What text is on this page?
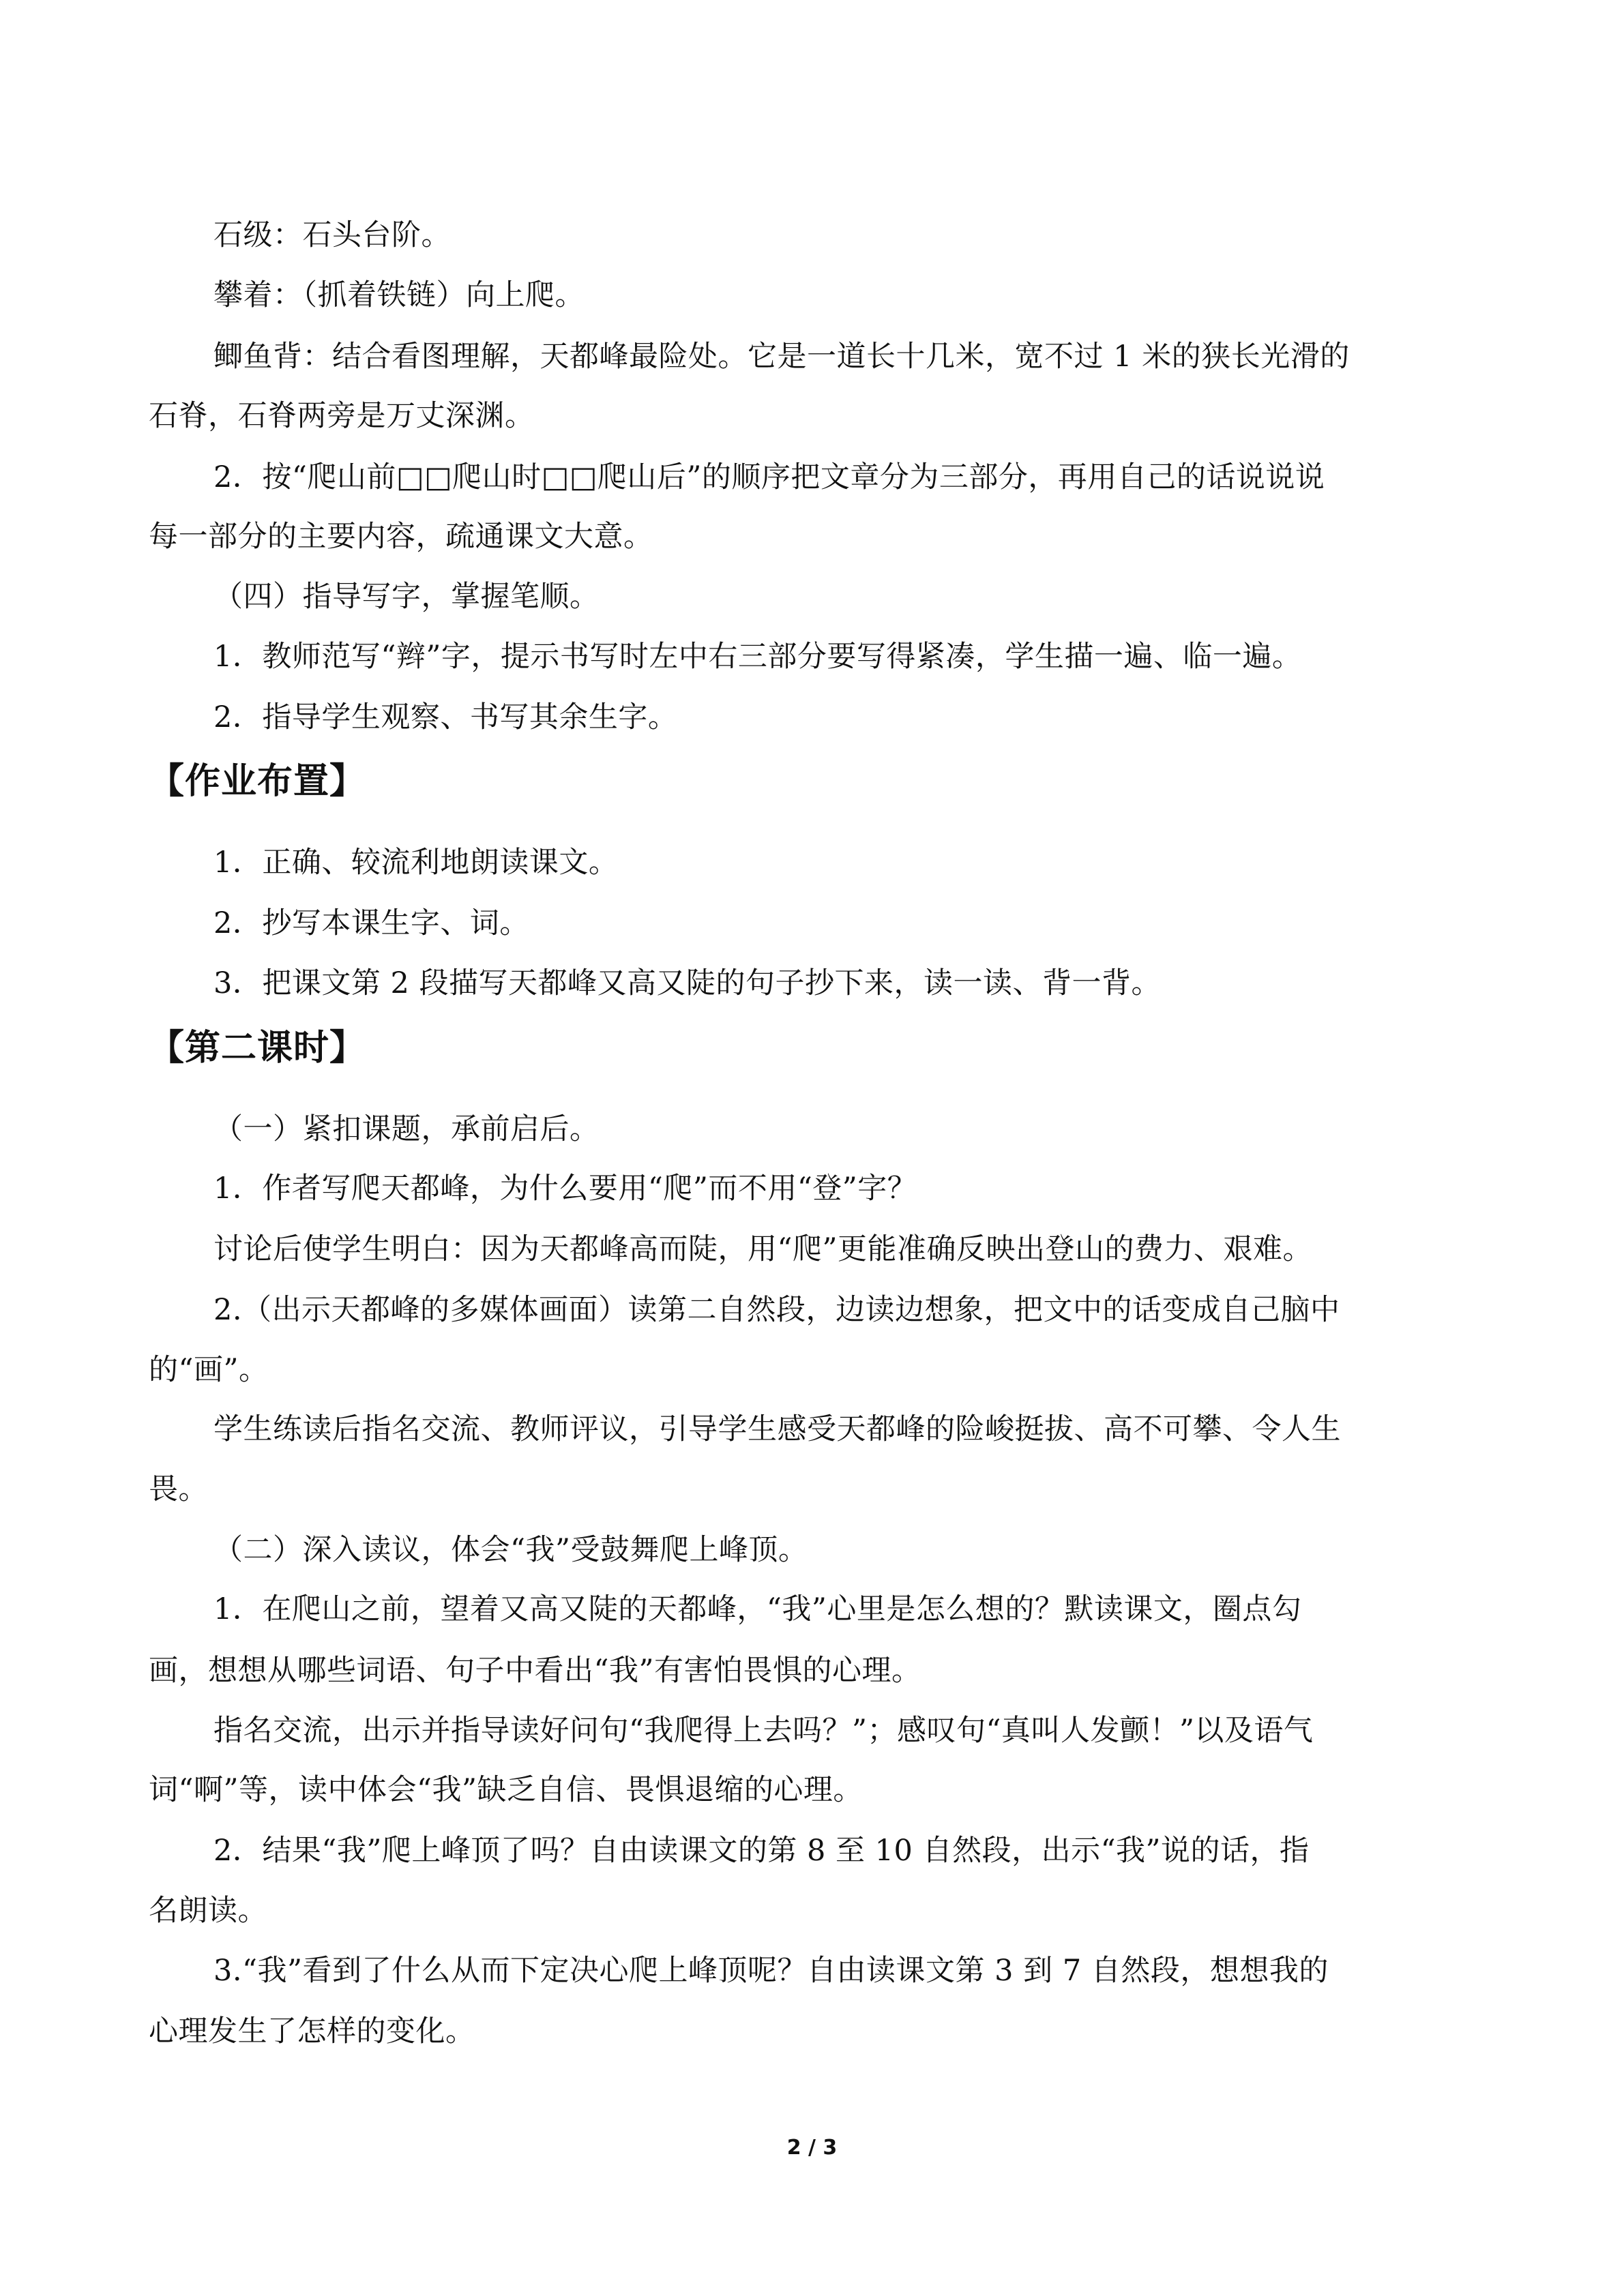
石级：石头台阶。
攀着：（抓着铁链）向上爬。
鲫鱼背：结合看图理解，天都峰最险处。它是一道长十几米，宽不过 1 米的狭长光滑的
石脊，石脊两旁是万丈深渊。
2．按“爬山前□□爬山时□□爬山后”的顺序把文章分为三部分，再用自己的话说说说
每一部分的主要内容，疏通课文大意。
（四）指导写字，掌握笔顺。
1．教师范写“辫”字，提示书写时左中右三部分要写得紧凑，学生描一遍、临一遍。
2．指导学生观察、书写其余生字。
【作业布置】
1．正确、较流利地朗读课文。
2．抄写本课生字、词。
3．把课文第 2 段描写天都峰又高又陡的句子抄下来，读一读、背一背。
【第二课时】
（一）紧扣课题，承前启后。
1．作者写爬天都峰，为什么要用“爬”而不用“登”字？
讨论后使学生明白：因为天都峰高而陡，用“爬”更能准确反映出登山的费力、艰难。
2.（出示天都峰的多媒体画面）读第二自然段，边读边想象，把文中的话变成自己脑中
的“画”。
学生练读后指名交流、教师评议，引导学生感受天都峰的险峻挺拔、高不可攀、令人生
畏。
（二）深入读议，体会“我”受鼓舞爬上峰顶。
1．在爬山之前，望着又高又陡的天都峰，“我”心里是怎么想的？默读课文，圈点勾
画，想想从哪些词语、句子中看出“我”有害怕畏惧的心理。
指名交流，出示并指导读好问句“我爬得上去吗？”；感叹句“真叫人发颤！”以及语气
词“啊”等，读中体会“我”缺乏自信、畏惧退缩的心理。
2．结果“我”爬上峰顶了吗？自由读课文的第 8 至 10 自然段，出示“我”说的话，指
名朗读。
3.“我”看到了什么从而下定决心爬上峰顶呢？自由读课文第 3 到 7 自然段，想想我的
心理发生了怎样的变化。
2 / 3
